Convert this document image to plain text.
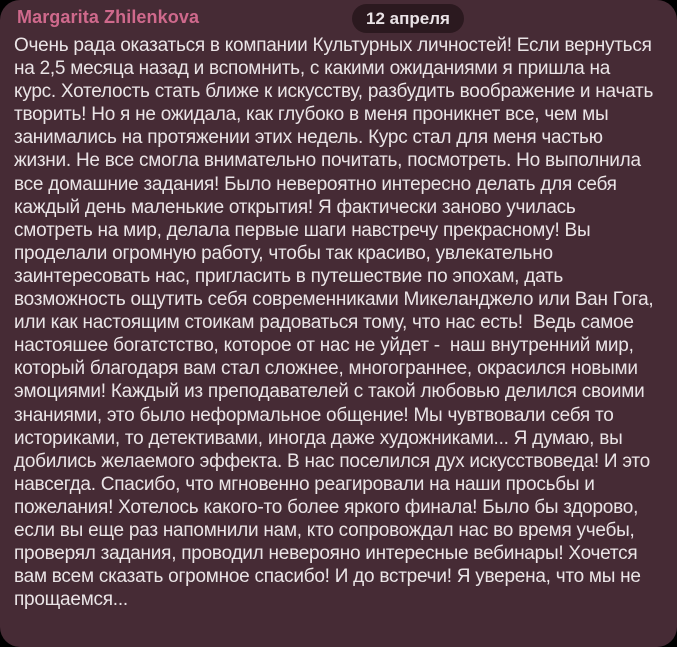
Margarita Zhilenkova	12 апреля
Очень рада оказаться в компании Культурных личностей! Если вернуться  на 2,5 месяца назад и вспомнить, с какими ожиданиями я пришла на курс. Хотелость стать ближе к искусству, разбудить воображение и начать творить! Но я не ожидала, как глубоко в меня проникнет все, чем мы занимались на протяжении этих недель. Курс стал для меня частью жизни. Не все смогла внимательно почитать, посмотреть. Но выполнила все домашние задания! Было невероятно интересно делать для себя каждый день маленькие открытия! Я фактически заново училась смотреть на мир, делала первые шаги навстречу прекрасному! Вы проделали огромную работу, чтобы так красиво, увлекательно заинтересовать нас, пригласить в путешествие по эпохам, дать возможность ощутить себя современниками Микеланджело или Ван Гога, или как настоящим стоикам радоваться тому, что нас есть!  Ведь самое настояшее богатстство, которое от нас не уйдет -  наш внутренний мир, который благодаря вам стал сложнее, многограннее, окрасился новыми эмоциями! Каждый из преподавателей с такой любовью делился своими знаниями, это было неформальное общение! Мы чувтвовали себя то историками, то детективами, иногда даже художниками... Я думаю, вы добились желаемого эффекта. В нас поселился дух искусствоведа! И это навсегда. Спасибо, что мгновенно реагировали на наши просьбы и пожелания! Хотелось какого-то более яркого финала! Было бы здорово, если вы еще раз напомнили нам, кто сопровождал нас во время учебы, проверял задания, проводил неверояно интересные вебинары! Хочется вам всем сказать огромное спасибо! И до встречи! Я уверена, что мы не прощаемся...
